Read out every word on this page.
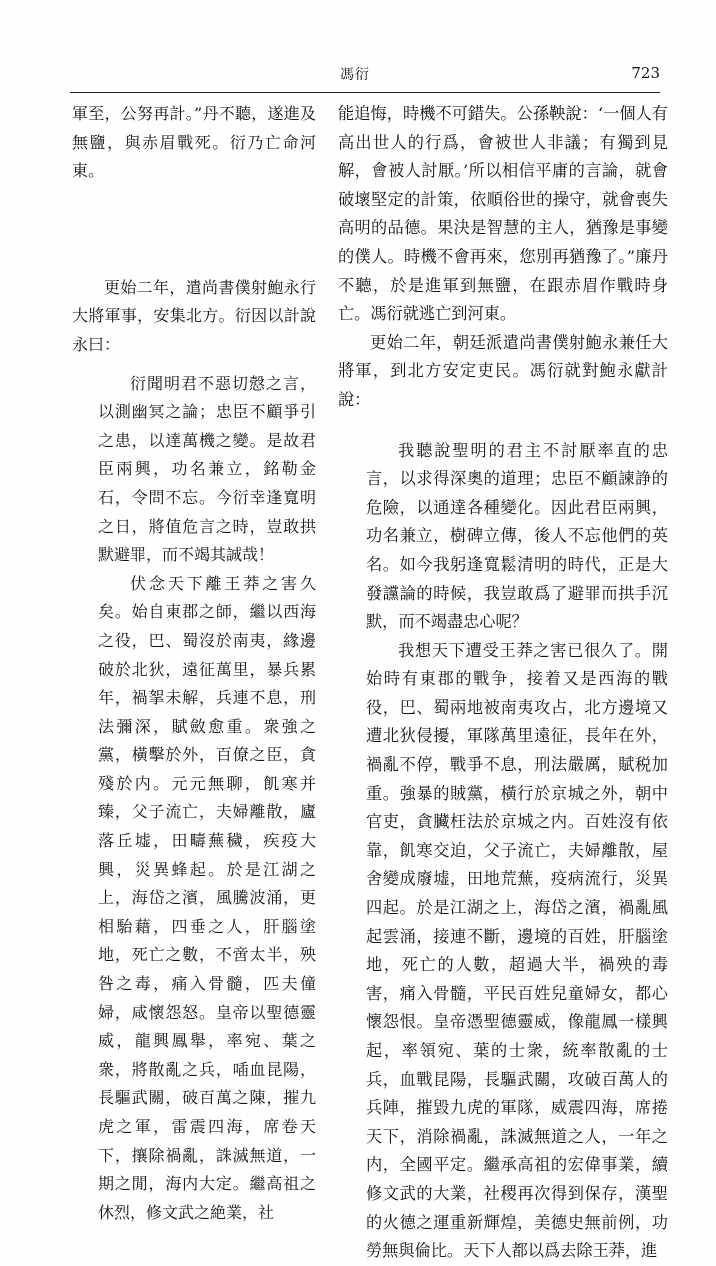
馮衍	723

軍至，公努再計。”丹不聽，遂進及無鹽，與赤眉戰死。衍乃亡命河東。

更始二年，遣尚書僕射鮑永行大將軍事，安集北方。衍因以計說永曰：

衍聞明君不惡切慤之言，以測幽冥之論；忠臣不顧爭引之患，以達萬機之變。是故君臣兩興，功名兼立，銘勒金石，令問不忘。今衍幸逢寬明之日，將值危言之時，豈敢拱默避罪，而不竭其誠哉！

伏念天下離王莽之害久矣。始自東郡之師，繼以西海之役，巴、蜀沒於南夷，緣邊破於北狄，遠征萬里，暴兵累年，禍挐未解，兵連不息，刑法彌深，賦斂愈重。衆強之黨，橫擊於外，百僚之臣，貪殘於内。元元無聊，飢寒并臻，父子流亡，夫婦離散，廬落丘墟，田疇蕪穢，疾疫大興，災異蜂起。於是江湖之上，海岱之濱，風騰波涌，更相駘藉，四垂之人，肝腦塗地，死亡之數，不啻太半，殃咎之毒，痛入骨髓，匹夫僮婦，咸懷怨怒。皇帝以聖德靈威，龍興鳳舉，率宛、葉之衆，將散亂之兵，喢血昆陽，長驅武關，破百萬之陳，摧九虎之軍，雷震四海，席卷天下，攘除禍亂，誅滅無道，一期之閒，海内大定。繼高祖之休烈，修文武之絶業，社

能追悔，時機不可錯失。公孫鞅說：‘一個人有高出世人的行爲，會被世人非議；有獨到見解，會被人討厭。’所以相信平庸的言論，就會破壞堅定的計策，依順俗世的操守，就會喪失高明的品德。果決是智慧的主人，猶豫是事變的僕人。時機不會再來，您別再猶豫了。”廉丹不聽，於是進軍到無鹽，在跟赤眉作戰時身亡。馮衍就逃亡到河東。

更始二年，朝廷派遣尚書僕射鮑永兼任大將軍，到北方安定吏民。馮衍就對鮑永獻計說：

我聽說聖明的君主不討厭率直的忠言，以求得深奧的道理；忠臣不顧諫諍的危險，以通達各種變化。因此君臣兩興，功名兼立，樹碑立傳，後人不忘他們的英名。如今我躬逢寬鬆清明的時代，正是大發讜論的時候，我豈敢爲了避罪而拱手沉默，而不竭盡忠心呢？

我想天下遭受王莽之害已很久了。開始時有東郡的戰争，接着又是西海的戰役，巴、蜀兩地被南夷攻占，北方邊境又遭北狄侵擾，軍隊萬里遠征，長年在外，禍亂不停，戰爭不息，刑法嚴厲，賦税加重。強暴的賊黨，橫行於京城之外，朝中官吏，貪臟枉法於京城之内。百姓沒有依靠，飢寒交迫，父子流亡，夫婦離散，屋舍變成廢墟，田地荒蕪，疫病流行，災異四起。於是江湖之上，海岱之濱，禍亂風起雲涌，接連不斷，邊境的百姓，肝腦塗地，死亡的人數，超過大半，禍殃的毒害，痛入骨髓，平民百姓兒童婦女，都心懷怨恨。皇帝憑聖德靈威，像龍鳳一樣興起，率領宛、葉的士衆，統率散亂的士兵，血戰昆陽，長驅武關，攻破百萬人的兵陣，摧毀九虎的軍隊，威震四海，席捲天下，消除禍亂，誅滅無道之人，一年之内，全國平定。繼承高祖的宏偉事業，續修文武的大業，社稷再次得到保存，漢聖的火德之運重新輝煌，美德史無前例，功勞無與倫比。天下人都以爲去除王莽，進
